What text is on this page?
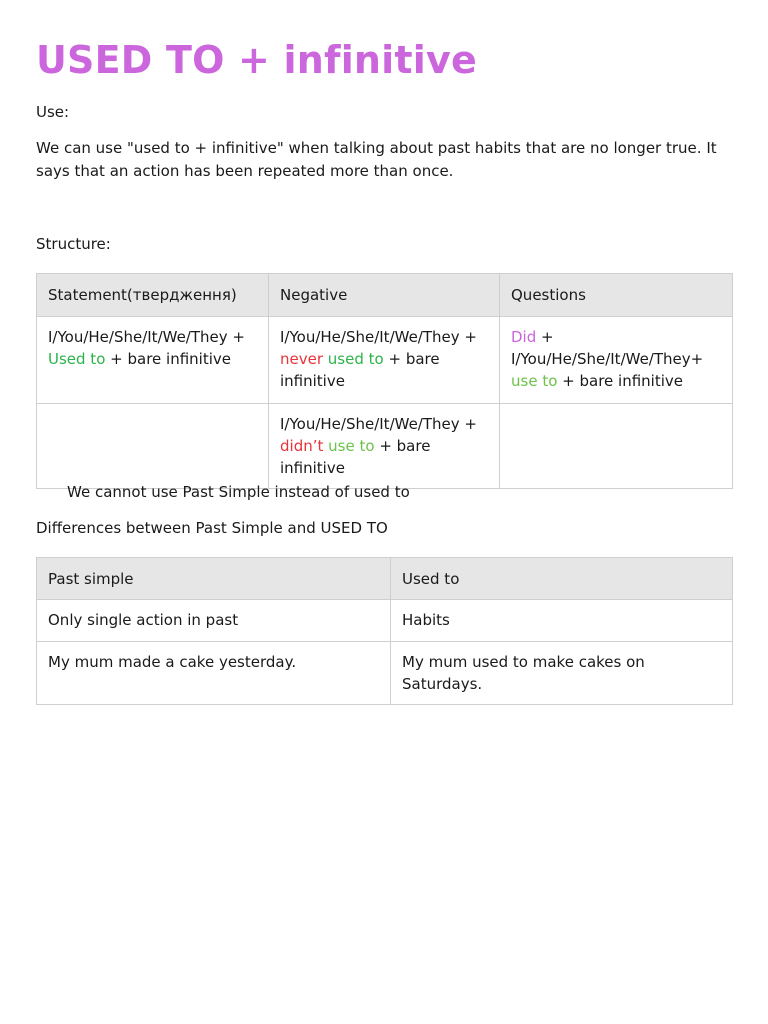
USED TO + infinitive

Use:

We can use "used to + infinitive" when talking about past habits that are no longer true. It says that an action has been repeated more than once.

Structure:

Statement(твердження)	Negative	Questions
I/You/He/She/It/We/They + Used to + bare infinitive	I/You/He/She/It/We/They + never used to + bare infinitive	Did +
I/You/He/She/It/We/They+
use to + bare infinitive
	I/You/He/She/It/We/They + didn’t use to + bare infinitive	

We cannot use Past Simple instead of used to

Differences between Past Simple and USED TO

Past simple	Used to
Only single action in past	Habits
My mum made a cake yesterday.	My mum used to make cakes on Saturdays.
